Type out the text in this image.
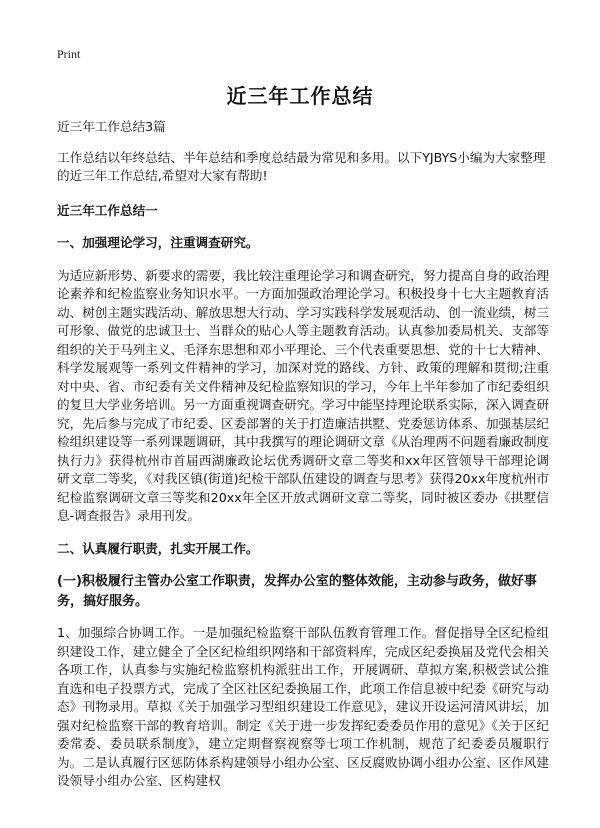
Print
近三年工作总结

近三年工作总结3篇

工作总结以年终总结、半年总结和季度总结最为常见和多用。以下YJBYS小编为大家整理的近三年工作总结,希望对大家有帮助!

近三年工作总结一

一、加强理论学习，注重调查研究。

为适应新形势、新要求的需要，我比较注重理论学习和调查研究，努力提高自身的政治理论素养和纪检监察业务知识水平。一方面加强政治理论学习。积极投身十七大主题教育活动、树创主题实践活动、解放思想大行动、学习实践科学发展观活动、创一流业绩，树三可形象、做党的忠诚卫士、当群众的贴心人等主题教育活动。认真参加委局机关、支部等组织的关于马列主义、毛泽东思想和邓小平理论、三个代表重要思想、党的十七大精神、科学发展观等一系列文件精神的学习，加深对党的路线、方针、政策的理解和贯彻;注重对中央、省、市纪委有关文件精神及纪检监察知识的学习，今年上半年参加了市纪委组织的复旦大学业务培训。另一方面重视调查研究。学习中能坚持理论联系实际，深入调查研究，先后参与完成了市纪委、区委部署的关于打造廉洁拱墅、党委惩访体系、加强基层纪检组织建设等一系列课题调研，其中我撰写的理论调研文章《从治理两不问题看廉政制度执行力》获得杭州市首届西湖廉政论坛优秀调研文章二等奖和xx年区管领导干部理论调研文章二等奖，《对我区镇(街道)纪检干部队伍建设的调查与思考》获得20xx年度杭州市纪检监察调研文章三等奖和20xx年全区开放式调研文章二等奖，同时被区委办《拱墅信息-调查报告》录用刊发。

二、认真履行职责，扎实开展工作。

(一)积极履行主管办公室工作职责，发挥办公室的整体效能，主动参与政务，做好事务，搞好服务。

1、加强综合协调工作。一是加强纪检监察干部队伍教育管理工作。督促指导全区纪检组织建设工作，建立健全了全区纪检组织网络和干部资料库，完成区纪委换届及党代会相关各项工作，认真参与实施纪检监察机构派驻出工作，开展调研、草拟方案,积极尝试公推直选和电子投票方式，完成了全区社区纪委换届工作，此项工作信息被中纪委《研究与动态》刊物录用。草拟《关于加强学习型组织建设工作意见》，建议开设运河清风讲坛，加强对纪检监察干部的教育培训。制定《关于进一步发挥纪委委员作用的意见》《关于区纪委常委、委员联系制度》，建立定期督察视察等七项工作机制，规范了纪委委员履职行为。二是认真履行区惩防体系构建领导小组办公室、区反腐败协调小组办公室、区作风建设领导小组办公室、区构建权
